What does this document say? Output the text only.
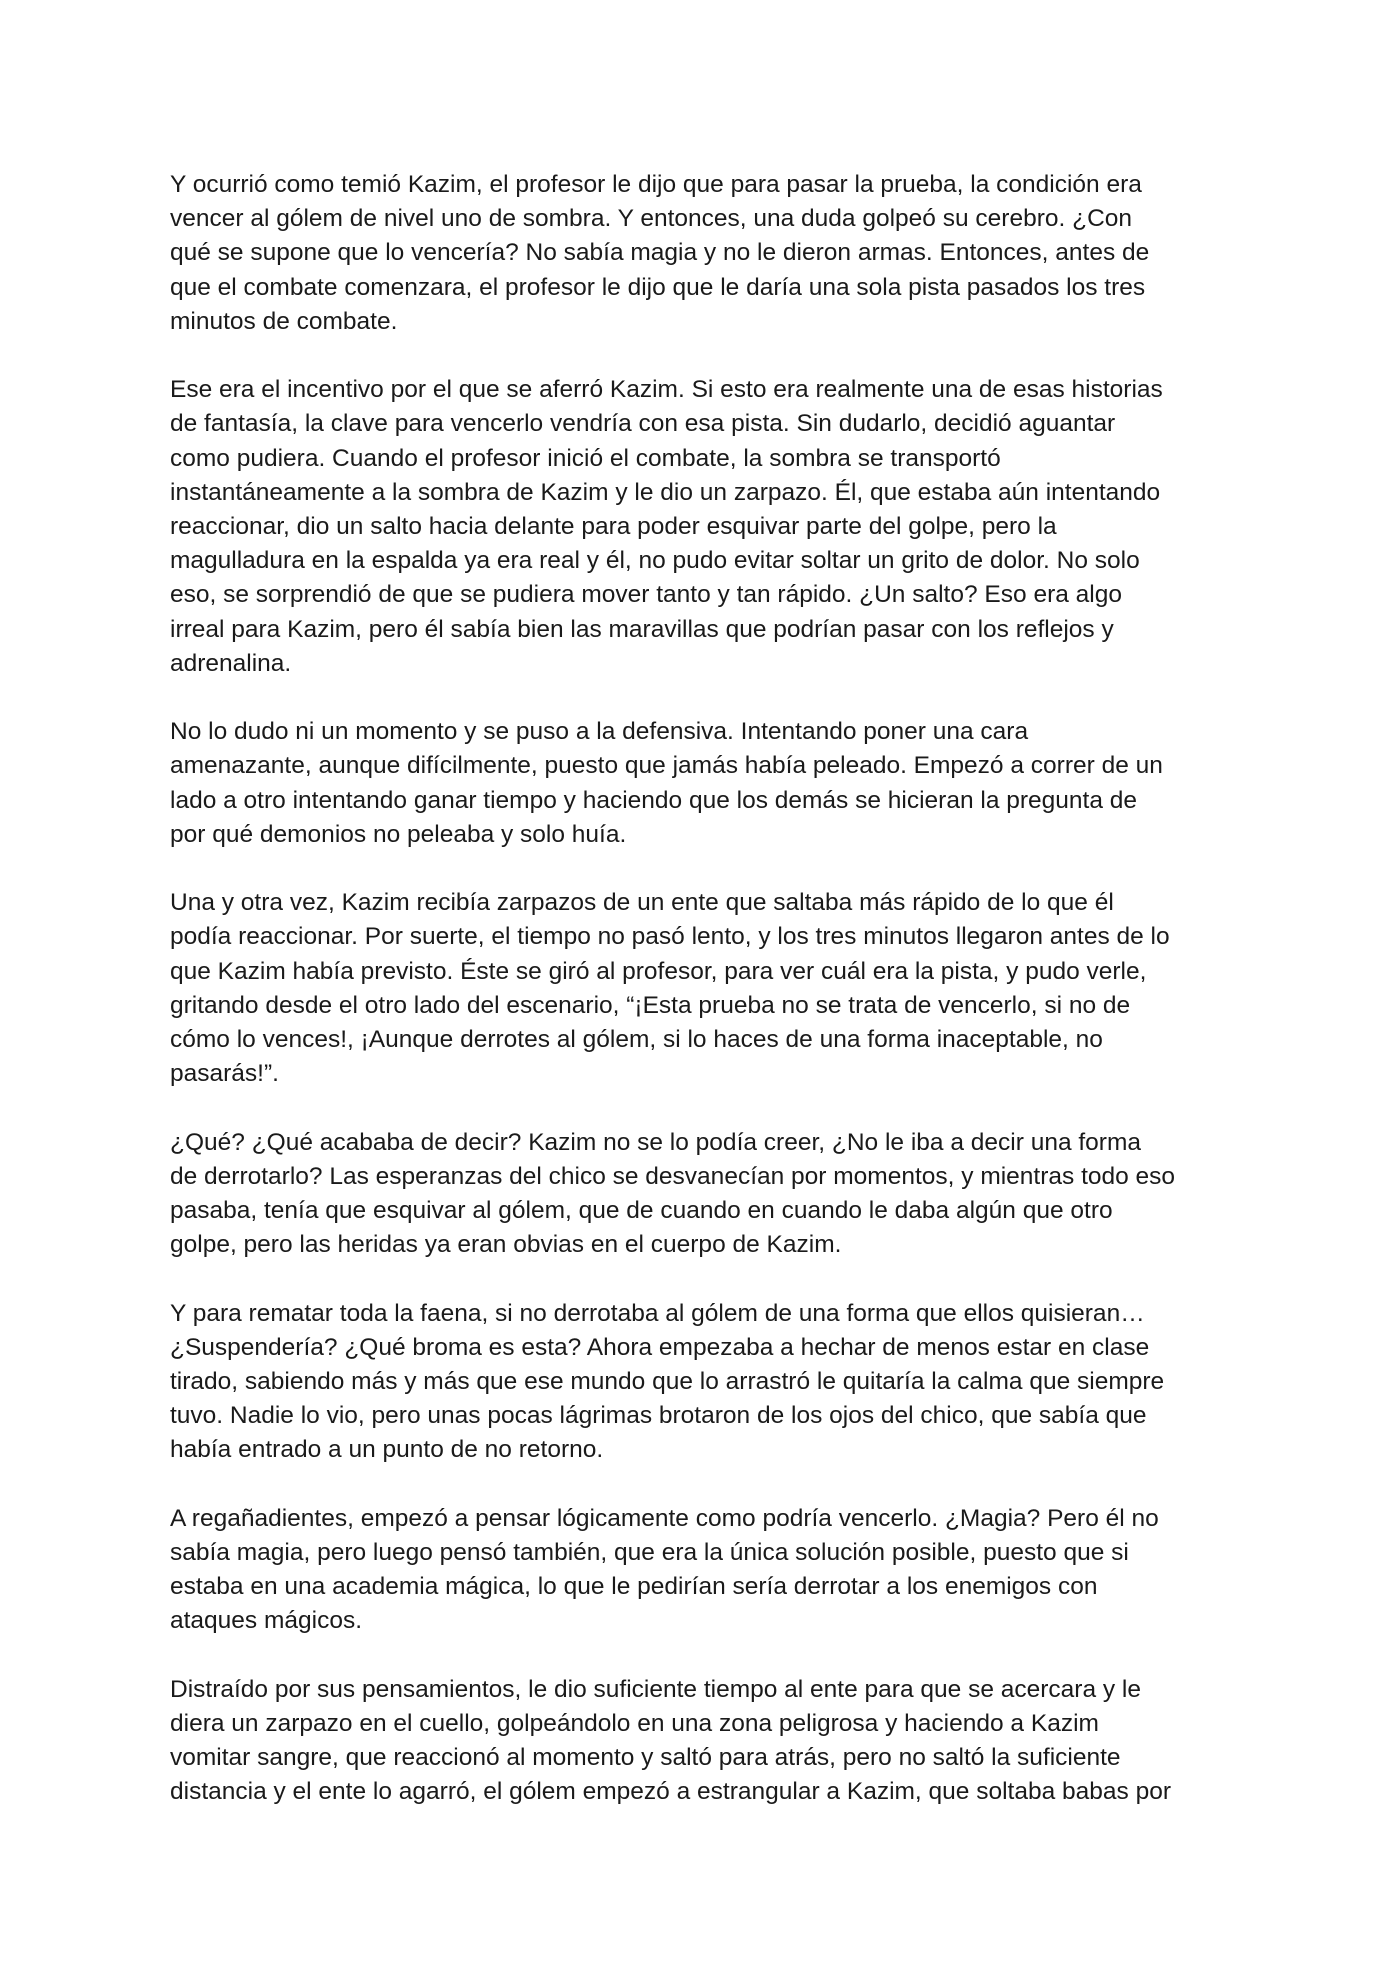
Y ocurrió como temió Kazim, el profesor le dijo que para pasar la prueba, la condición era
vencer al gólem de nivel uno de sombra. Y entonces, una duda golpeó su cerebro. ¿Con
qué se supone que lo vencería? No sabía magia y no le dieron armas. Entonces, antes de
que el combate comenzara, el profesor le dijo que le daría una sola pista pasados los tres
minutos de combate.

Ese era el incentivo por el que se aferró Kazim. Si esto era realmente una de esas historias
de fantasía, la clave para vencerlo vendría con esa pista. Sin dudarlo, decidió aguantar
como pudiera. Cuando el profesor inició el combate, la sombra se transportó
instantáneamente a la sombra de Kazim y le dio un zarpazo. Él, que estaba aún intentando
reaccionar, dio un salto hacia delante para poder esquivar parte del golpe, pero la
magulladura en la espalda ya era real y él, no pudo evitar soltar un grito de dolor. No solo
eso, se sorprendió de que se pudiera mover tanto y tan rápido. ¿Un salto? Eso era algo
irreal para Kazim, pero él sabía bien las maravillas que podrían pasar con los reflejos y
adrenalina.

No lo dudo ni un momento y se puso a la defensiva. Intentando poner una cara
amenazante, aunque difícilmente, puesto que jamás había peleado. Empezó a correr de un
lado a otro intentando ganar tiempo y haciendo que los demás se hicieran la pregunta de
por qué demonios no peleaba y solo huía.

Una y otra vez, Kazim recibía zarpazos de un ente que saltaba más rápido de lo que él
podía reaccionar. Por suerte, el tiempo no pasó lento, y los tres minutos llegaron antes de lo
que Kazim había previsto. Éste se giró al profesor, para ver cuál era la pista, y pudo verle,
gritando desde el otro lado del escenario, “¡Esta prueba no se trata de vencerlo, si no de
cómo lo vences!, ¡Aunque derrotes al gólem, si lo haces de una forma inaceptable, no
pasarás!”.

¿Qué? ¿Qué acababa de decir? Kazim no se lo podía creer, ¿No le iba a decir una forma
de derrotarlo? Las esperanzas del chico se desvanecían por momentos, y mientras todo eso
pasaba, tenía que esquivar al gólem, que de cuando en cuando le daba algún que otro
golpe, pero las heridas ya eran obvias en el cuerpo de Kazim.

Y para rematar toda la faena, si no derrotaba al gólem de una forma que ellos quisieran…
¿Suspendería? ¿Qué broma es esta? Ahora empezaba a hechar de menos estar en clase
tirado, sabiendo más y más que ese mundo que lo arrastró le quitaría la calma que siempre
tuvo. Nadie lo vio, pero unas pocas lágrimas brotaron de los ojos del chico, que sabía que
había entrado a un punto de no retorno.

A regañadientes, empezó a pensar lógicamente como podría vencerlo. ¿Magia? Pero él no
sabía magia, pero luego pensó también, que era la única solución posible, puesto que si
estaba en una academia mágica, lo que le pedirían sería derrotar a los enemigos con
ataques mágicos.

Distraído por sus pensamientos, le dio suficiente tiempo al ente para que se acercara y le
diera un zarpazo en el cuello, golpeándolo en una zona peligrosa y haciendo a Kazim
vomitar sangre, que reaccionó al momento y saltó para atrás, pero no saltó la suficiente
distancia y el ente lo agarró, el gólem empezó a estrangular a Kazim, que soltaba babas por
